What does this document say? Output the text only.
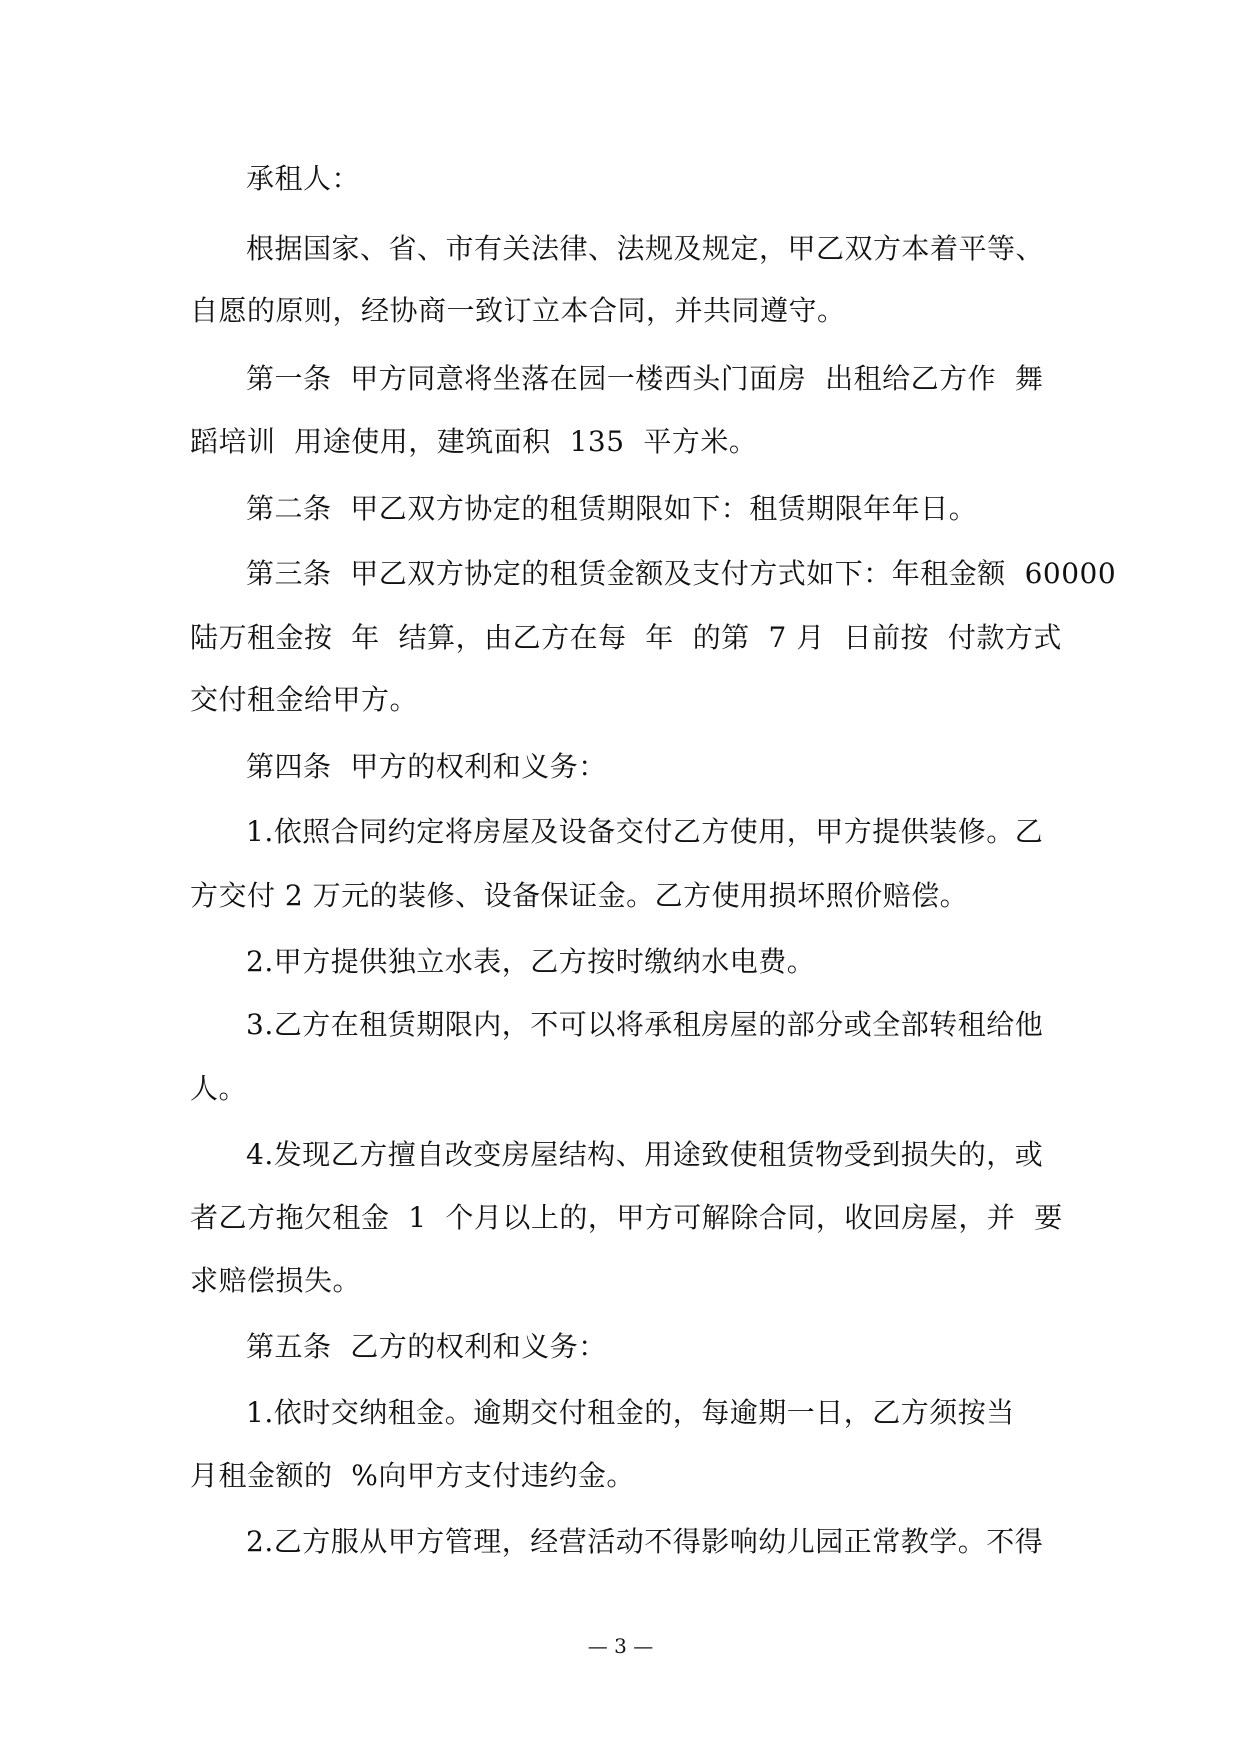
承租人：
根据国家、省、市有关法律、法规及规定，甲乙双方本着平等、
自愿的原则，经协商一致订立本合同，并共同遵守。
第一条  甲方同意将坐落在园一楼西头门面房  出租给乙方作  舞
蹈培训  用途使用，建筑面积  135  平方米。
第二条  甲乙双方协定的租赁期限如下：租赁期限年年日。
第三条  甲乙双方协定的租赁金额及支付方式如下：年租金额  60000
陆万租金按  年  结算，由乙方在每  年  的第  7 月  日前按  付款方式
交付租金给甲方。
第四条  甲方的权利和义务：
1.依照合同约定将房屋及设备交付乙方使用，甲方提供装修。乙
方交付 2 万元的装修、设备保证金。乙方使用损坏照价赔偿。
2.甲方提供独立水表，乙方按时缴纳水电费。
3.乙方在租赁期限内，不可以将承租房屋的部分或全部转租给他
人。
4.发现乙方擅自改变房屋结构、用途致使租赁物受到损失的，或
者乙方拖欠租金  1  个月以上的，甲方可解除合同，收回房屋，并  要
求赔偿损失。
第五条  乙方的权利和义务：
1.依时交纳租金。逾期交付租金的，每逾期一日，乙方须按当
月租金额的  %向甲方支付违约金。
2.乙方服从甲方管理，经营活动不得影响幼儿园正常教学。不得
— 3 —
